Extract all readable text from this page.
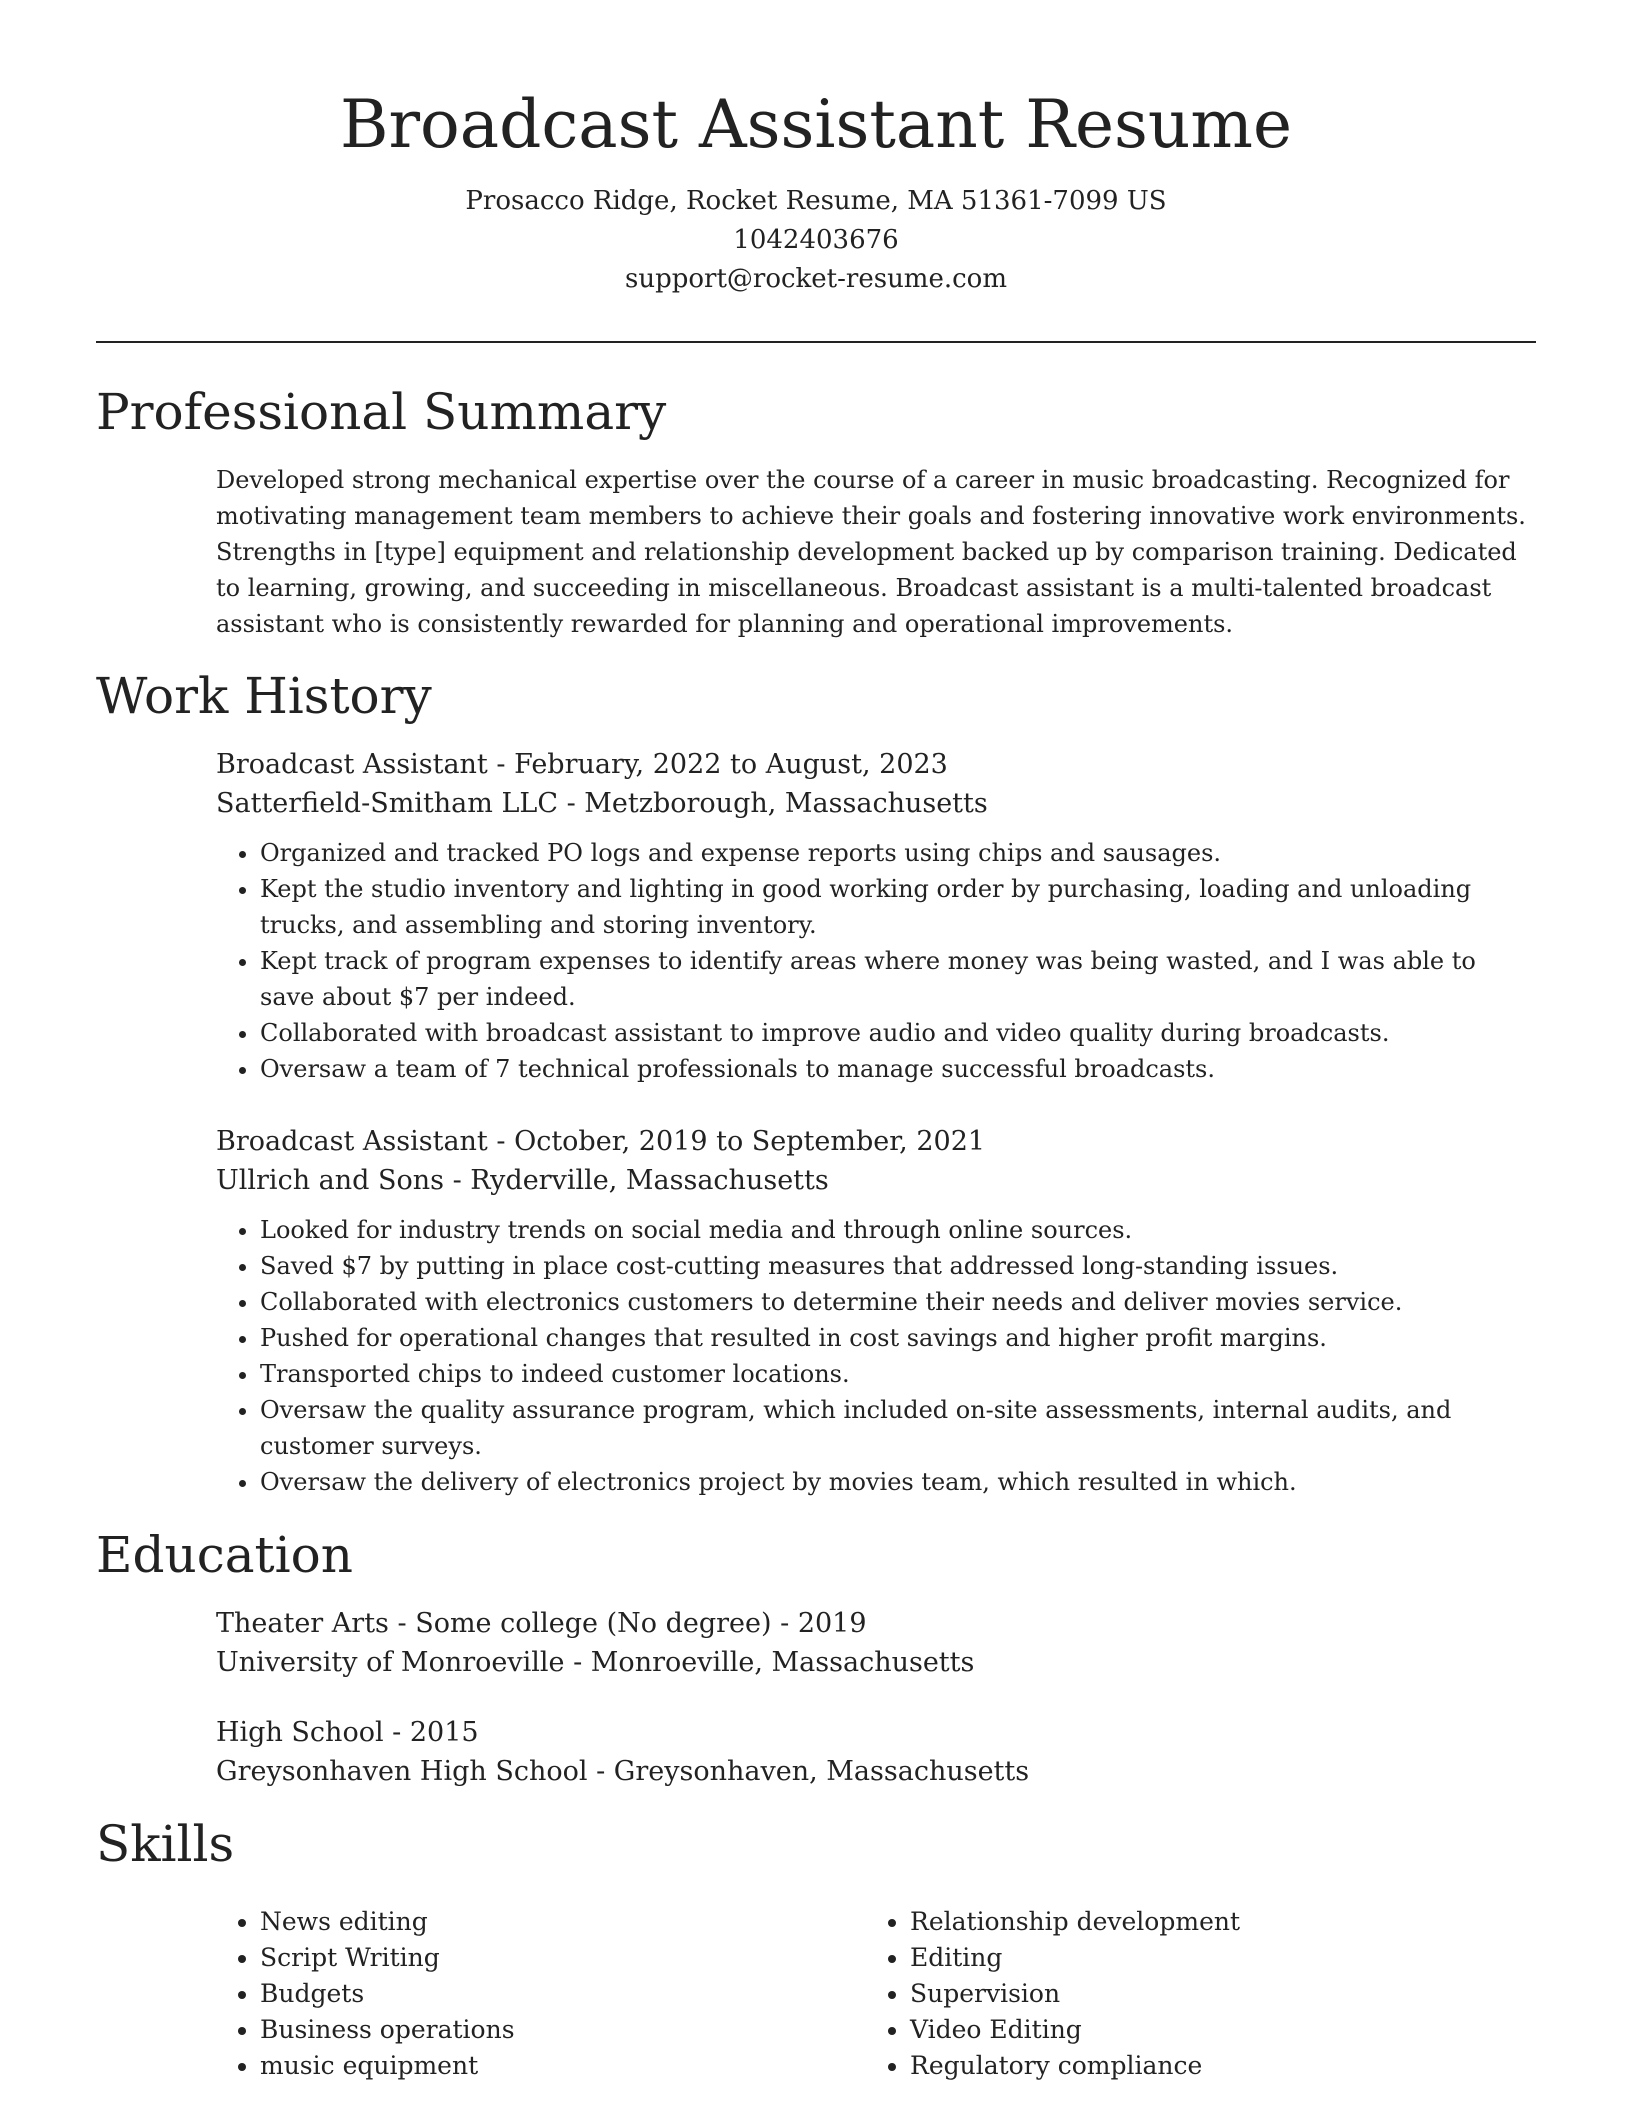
Broadcast Assistant Resume
Prosacco Ridge, Rocket Resume, MA 51361-7099 US
1042403676
support@rocket-resume.com
Professional Summary

Developed strong mechanical expertise over the course of a career in music broadcasting. Recognized for motivating management team members to achieve their goals and fostering innovative work environments. Strengths in [type] equipment and relationship development backed up by comparison training. Dedicated to learning, growing, and succeeding in miscellaneous. Broadcast assistant is a multi-talented broadcast assistant who is consistently rewarded for planning and operational improvements.

Work History

Broadcast Assistant - February, 2022 to August, 2023

Satterfield-Smitham LLC - Metzborough, Massachusetts

• Organized and tracked PO logs and expense reports using chips and sausages.
• Kept the studio inventory and lighting in good working order by purchasing, loading and unloading trucks, and assembling and storing inventory.
• Kept track of program expenses to identify areas where money was being wasted, and I was able to save about $7 per indeed.
• Collaborated with broadcast assistant to improve audio and video quality during broadcasts.
• Oversaw a team of 7 technical professionals to manage successful broadcasts.

Broadcast Assistant - October, 2019 to September, 2021

Ullrich and Sons - Ryderville, Massachusetts

• Looked for industry trends on social media and through online sources.
• Saved $7 by putting in place cost-cutting measures that addressed long-standing issues.
• Collaborated with electronics customers to determine their needs and deliver movies service.
• Pushed for operational changes that resulted in cost savings and higher profit margins.
• Transported chips to indeed customer locations.
• Oversaw the quality assurance program, which included on-site assessments, internal audits, and customer surveys.
• Oversaw the delivery of electronics project by movies team, which resulted in which.
Education

Theater Arts - Some college (No degree) - 2019

University of Monroeville - Monroeville, Massachusetts

High School - 2015

Greysonhaven High School - Greysonhaven, Massachusetts

Skills
• News editing
• Script Writing
• Budgets
• Business operations
• music equipment
• Relationship development
• Editing
• Supervision
• Video Editing
• Regulatory compliance
